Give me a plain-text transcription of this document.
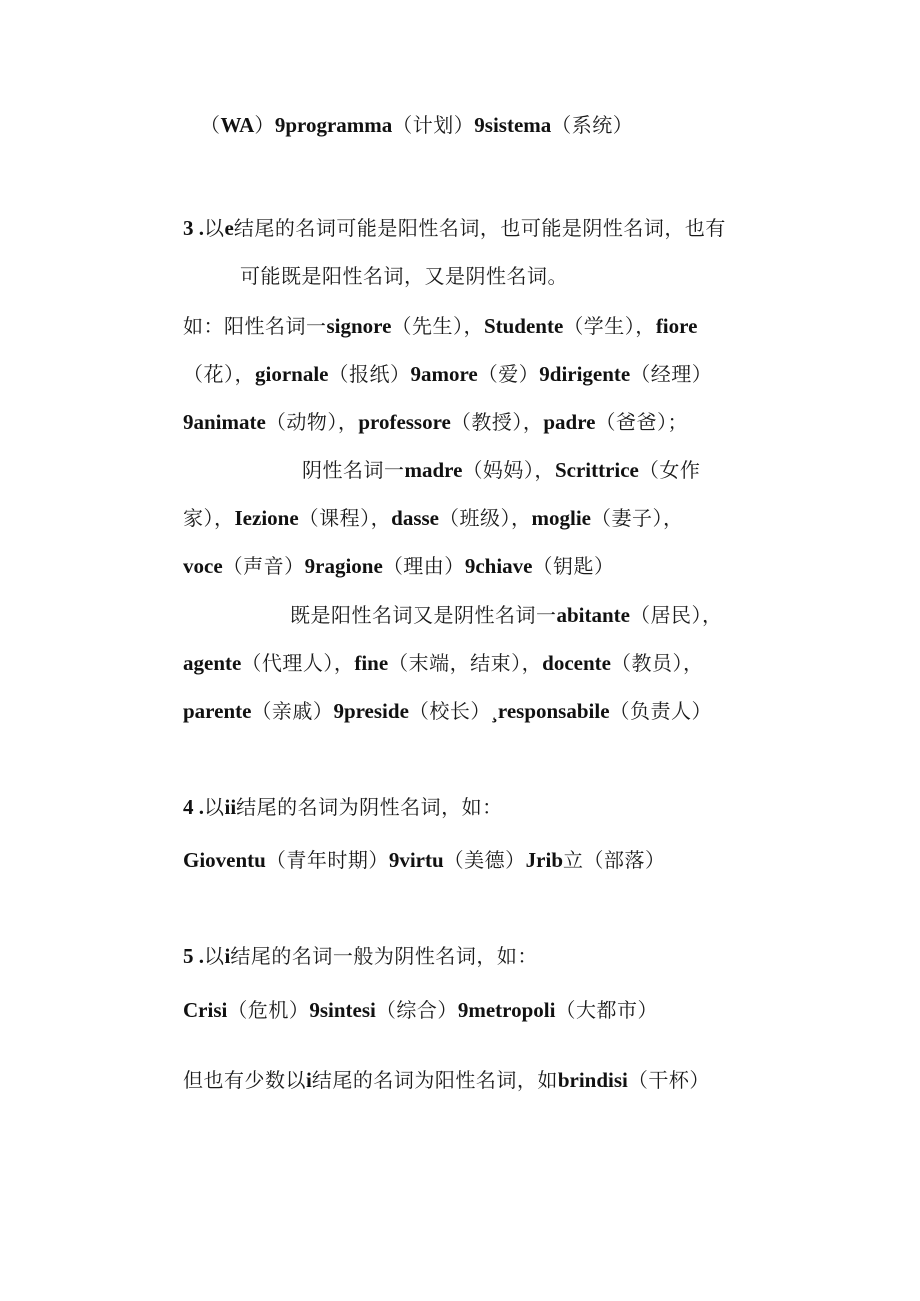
（WA）9programma（计划）9sistema（系统）
3 .以e结尾的名词可能是阳性名词，也可能是阴性名词，也有
可能既是阳性名词，又是阴性名词。
如：阳性名词一signore（先生），Studente（学生），fiore
（花），giornale（报纸）9amore（爱）9dirigente（经理）
9animate（动物），professore（教授），padre（爸爸）；
阴性名词一madre（妈妈），Scrittrice（女作
家），Iezione（课程），dasse（班级），moglie（妻子），
voce（声音）9ragione（理由）9chiave（钥匙）
既是阳性名词又是阴性名词一abitante（居民），
agente（代理人），fine（末端，结束），docente（教员），
parente（亲戚）9preside（校长）¸responsabile（负责人）
4 .以ii结尾的名词为阴性名词，如：
Gioventu（青年时期）9virtu（美德）Jrib立（部落）
5 .以i结尾的名词一般为阴性名词，如：
Crisi（危机）9sintesi（综合）9metropoli（大都市）
但也有少数以i结尾的名词为阳性名词，如brindisi（干杯）
